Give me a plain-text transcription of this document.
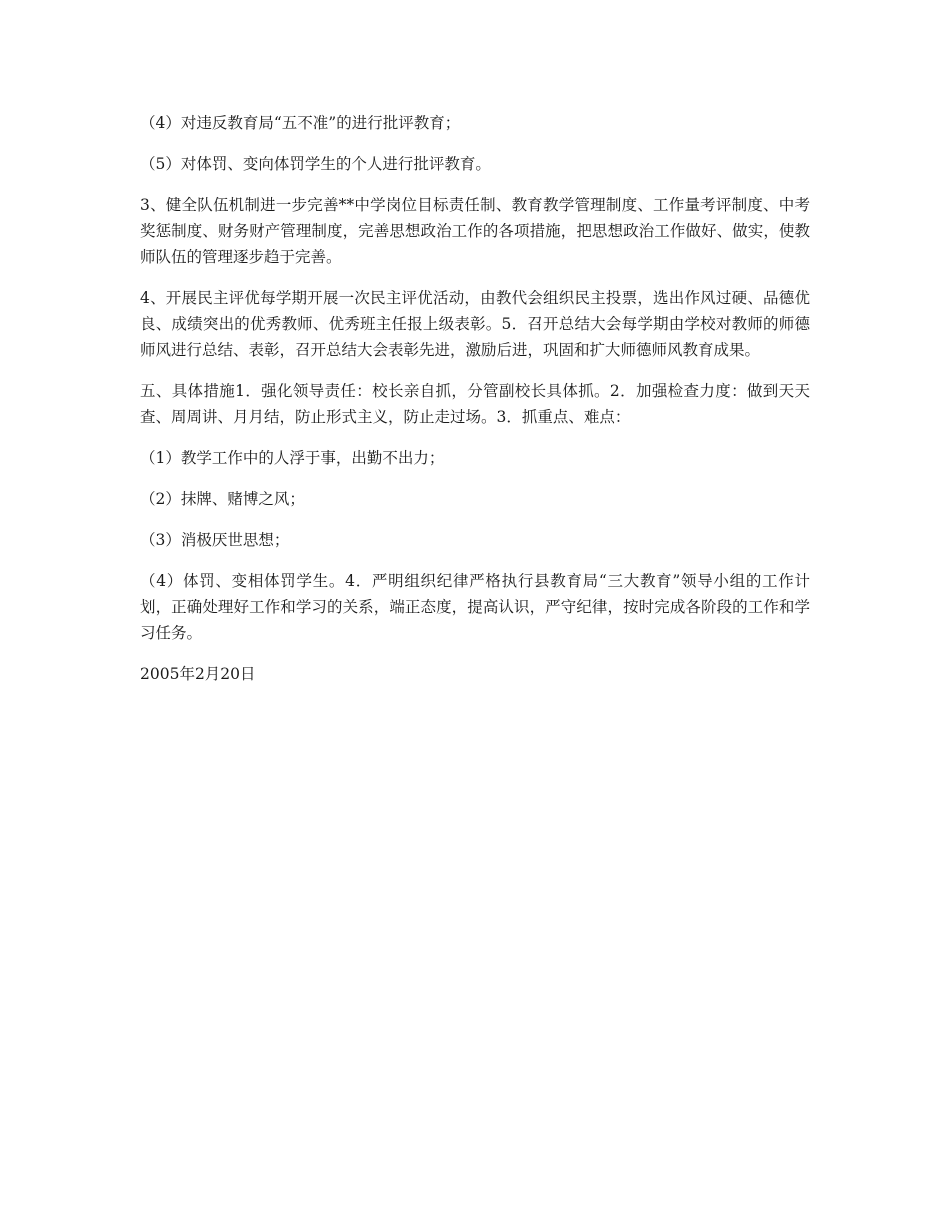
（4）对违反教育局“五不准”的进行批评教育；

（5）对体罚、变向体罚学生的个人进行批评教育。

3、健全队伍机制进一步完善**中学岗位目标责任制、教育教学管理制度、工作量考评制度、中考奖惩制度、财务财产管理制度，完善思想政治工作的各项措施，把思想政治工作做好、做实，使教师队伍的管理逐步趋于完善。

4、开展民主评优每学期开展一次民主评优活动，由教代会组织民主投票，选出作风过硬、品德优良、成绩突出的优秀教师、优秀班主任报上级表彰。5．召开总结大会每学期由学校对教师的师德师风进行总结、表彰，召开总结大会表彰先进，激励后进，巩固和扩大师德师风教育成果。

五、具体措施1．强化领导责任：校长亲自抓，分管副校长具体抓。2．加强检查力度：做到天天查、周周讲、月月结，防止形式主义，防止走过场。3．抓重点、难点：

（1）教学工作中的人浮于事，出勤不出力；

（2）抹牌、赌博之风；

（3）消极厌世思想；

（4）体罚、变相体罚学生。4．严明组织纪律严格执行县教育局“三大教育”领导小组的工作计划，正确处理好工作和学习的关系，端正态度，提高认识，严守纪律，按时完成各阶段的工作和学习任务。

2005年2月20日
